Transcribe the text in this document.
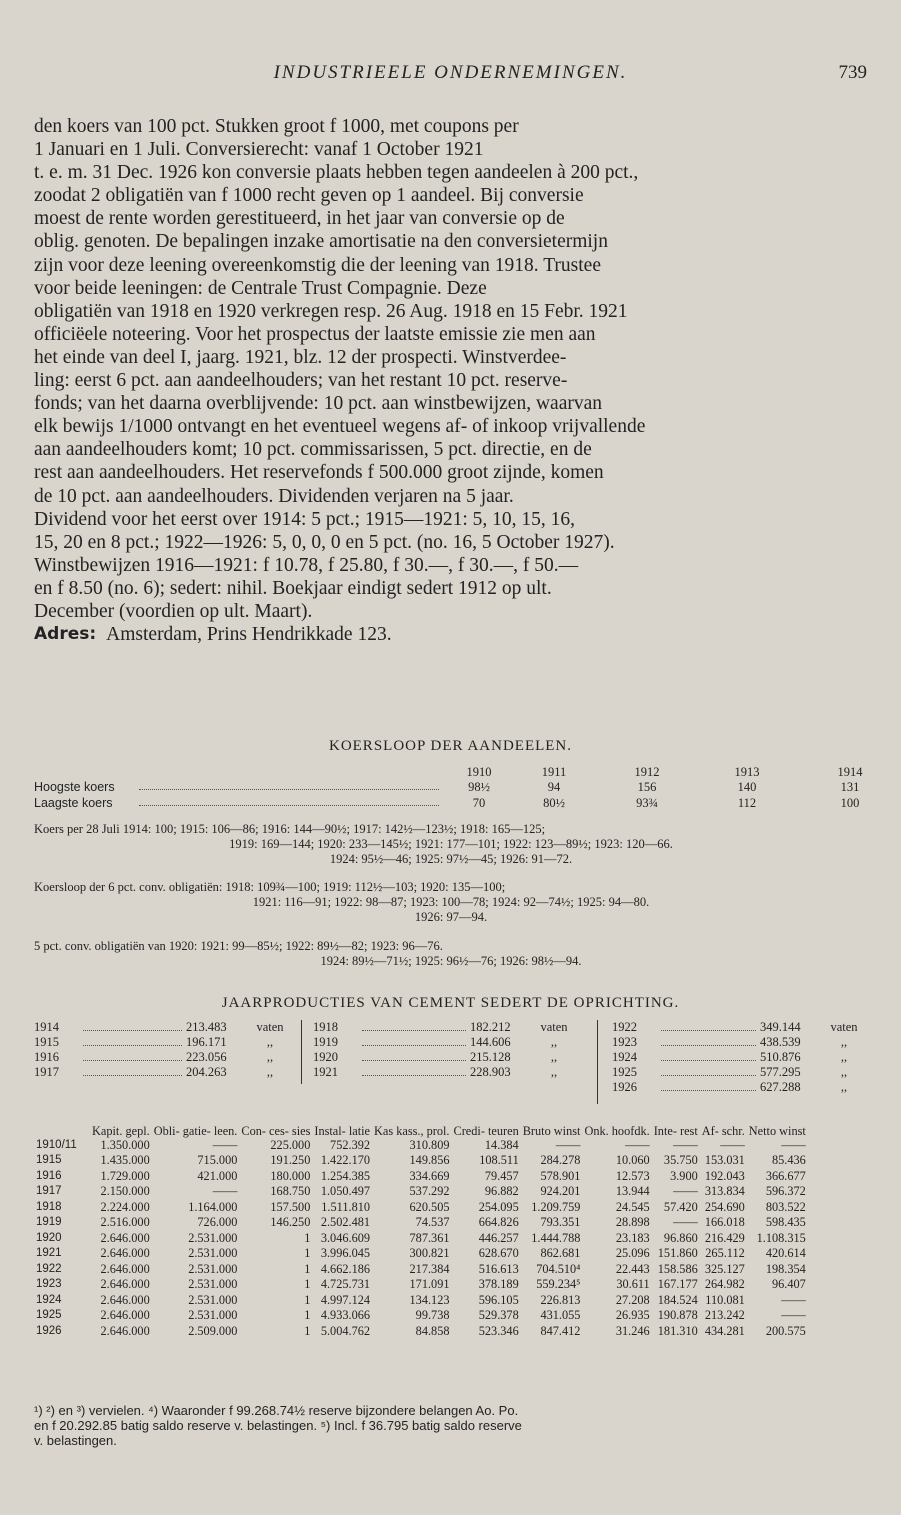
INDUSTRIEELE ONDERNEMINGEN.	739
den koers van 100 pct. Stukken groot f 1000, met coupons per
1 Januari en 1 Juli. Conversierecht: vanaf 1 October 1921
t. e. m. 31 Dec. 1926 kon conversie plaats hebben tegen aandeelen à 200 pct.,
zoodat 2 obligatiën van f 1000 recht geven op 1 aandeel. Bij conversie
moest de rente worden gerestitueerd, in het jaar van conversie op de
oblig. genoten. De bepalingen inzake amortisatie na den conversietermijn
zijn voor deze leening overeenkomstig die der leening van 1918. Trustee
voor beide leeningen: de Centrale Trust Compagnie. Deze
obligatiën van 1918 en 1920 verkregen resp. 26 Aug. 1918 en 15 Febr. 1921
officiëele noteering. Voor het prospectus der laatste emissie zie men aan
het einde van deel I, jaarg. 1921, blz. 12 der prospecti. Winstverdee-
ling: eerst 6 pct. aan aandeelhouders; van het restant 10 pct. reserve-
fonds; van het daarna overblijvende: 10 pct. aan winstbewijzen, waarvan
elk bewijs 1/1000 ontvangt en het eventueel wegens af- of inkoop vrijvallende
aan aandeelhouders komt; 10 pct. commissarissen, 5 pct. directie, en de
rest aan aandeelhouders. Het reservefonds f 500.000 groot zijnde, komen
de 10 pct. aan aandeelhouders. Dividenden verjaren na 5 jaar.
Dividend voor het eerst over 1914: 5 pct.; 1915—1921: 5, 10, 15, 16,
15, 20 en 8 pct.; 1922—1926: 5, 0, 0, 0 en 5 pct. (no. 16, 5 October 1927).
Winstbewijzen 1916—1921: f 10.78, f 25.80, f 30.—, f 30.—, f 50.—
en f 8.50 (no. 6); sedert: nihil. Boekjaar eindigt sedert 1912 op ult.
December (voordien op ult. Maart).
Adres: Amsterdam, Prins Hendrikkade 123.
KOERSLOOP DER AANDEELEN.
1910	1911	1912	1913	1914
Hoogste koers	98½	94	156	140	131
Laagste koers	70	80½	93¾	112	100
Koers per 28 Juli 1914: 100; 1915: 106—86; 1916: 144—90½; 1917: 142½—123½; 1918: 165—125;
1919: 169—144; 1920: 233—145½; 1921: 177—101; 1922: 123—89½; 1923: 120—66.
1924: 95½—46; 1925: 97½—45; 1926: 91—72.
Koersloop der 6 pct. conv. obligatiën: 1918: 109¾—100; 1919: 112½—103; 1920: 135—100;
1921: 116—91; 1922: 98—87; 1923: 100—78; 1924: 92—74½; 1925: 94—80.
1926: 97—94.
5 pct. conv. obligatiën van 1920: 1921: 99—85½; 1922: 89½—82; 1923: 96—76.
1924: 89½—71½; 1925: 96½—76; 1926: 98½—94.
JAARPRODUCTIES VAN CEMENT SEDERT DE OPRICHTING.
1914	213.483	vaten
1915	196.171	,,
1916	223.056	,,
1917	204.263	,,
1918	182.212	vaten
1919	144.606	,,
1920	215.128	,,
1921	228.903	,,
1922	349.144	vaten
1923	438.539	,,
1924	510.876	,,
1925	577.295	,,
1926	627.288	,,
	Kapit. gepl.	Obli- gatie- leen.	Con- ces- sies	Instal- latie	Kas kass., prol.	Credi- teuren	Bruto winst	Onk. hoofdk.	Inte- rest	Af- schr.	Netto winst
1910/11	1.350.000	——	225.000	752.392	310.809	14.384	——	——	——	——	——
1915	1.435.000	715.000	191.250	1.422.170	149.856	108.511	284.278	10.060	35.750	153.031	85.436
1916	1.729.000	421.000	180.000	1.254.385	334.669	79.457	578.901	12.573	3.900	192.043	366.677
1917	2.150.000	——	168.750	1.050.497	537.292	96.882	924.201	13.944	——	313.834	596.372
1918	2.224.000	1.164.000	157.500	1.511.810	620.505	254.095	1.209.759	24.545	57.420	254.690	803.522
1919	2.516.000	726.000	146.250	2.502.481	74.537	664.826	793.351	28.898	——	166.018	598.435
1920	2.646.000	2.531.000	1	3.046.609	787.361	446.257	1.444.788	23.183	96.860	216.429	1.108.315
1921	2.646.000	2.531.000	1	3.996.045	300.821	628.670	862.681	25.096	151.860	265.112	420.614
1922	2.646.000	2.531.000	1	4.662.186	217.384	516.613	704.510⁴	22.443	158.586	325.127	198.354
1923	2.646.000	2.531.000	1	4.725.731	171.091	378.189	559.234⁵	30.611	167.177	264.982	96.407
1924	2.646.000	2.531.000	1	4.997.124	134.123	596.105	226.813	27.208	184.524	110.081	——
1925	2.646.000	2.531.000	1	4.933.066	99.738	529.378	431.055	26.935	190.878	213.242	——
1926	2.646.000	2.509.000	1	5.004.762	84.858	523.346	847.412	31.246	181.310	434.281	200.575
¹) ²) en ³) vervielen. ⁴) Waaronder f 99.268.74½ reserve bijzondere belangen Ao. Po.
en f 20.292.85 batig saldo reserve v. belastingen. ⁵) Incl. f 36.795 batig saldo reserve
v. belastingen.
